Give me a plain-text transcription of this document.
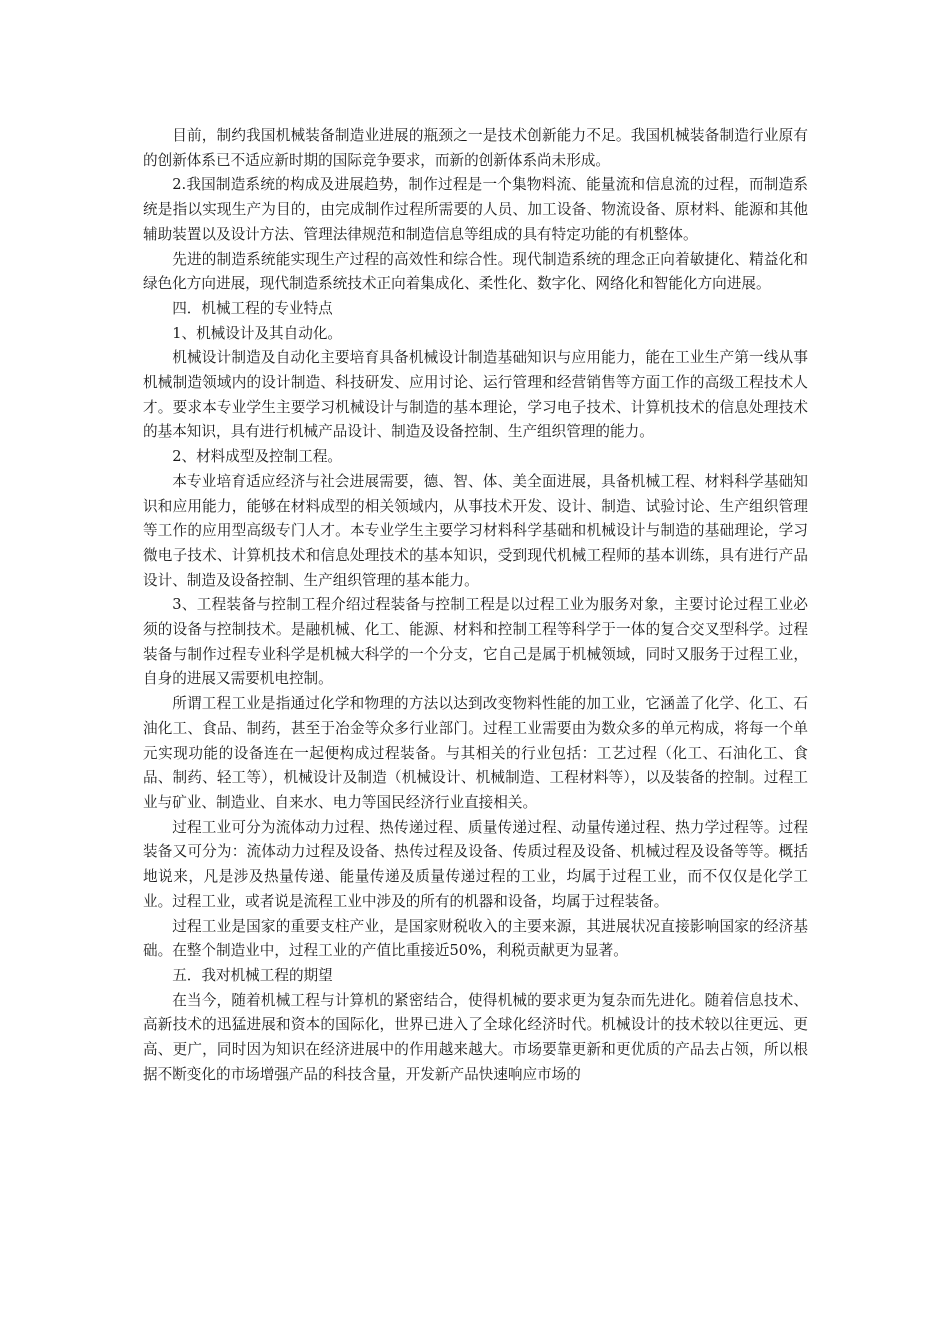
目前，制约我国机械装备制造业进展的瓶颈之一是技术创新能力不足。我国机械装备制造行业原有的创新体系已不适应新时期的国际竞争要求，而新的创新体系尚未形成。

2.我国制造系统的构成及进展趋势，制作过程是一个集物料流、能量流和信息流的过程，而制造系统是指以实现生产为目的，由完成制作过程所需要的人员、加工设备、物流设备、原材料、能源和其他辅助装置以及设计方法、管理法律规范和制造信息等组成的具有特定功能的有机整体。

先进的制造系统能实现生产过程的高效性和综合性。现代制造系统的理念正向着敏捷化、精益化和绿色化方向进展，现代制造系统技术正向着集成化、柔性化、数字化、网络化和智能化方向进展。

四．机械工程的专业特点

1、机械设计及其自动化。

机械设计制造及自动化主要培育具备机械设计制造基础知识与应用能力，能在工业生产第一线从事机械制造领域内的设计制造、科技研发、应用讨论、运行管理和经营销售等方面工作的高级工程技术人才。要求本专业学生主要学习机械设计与制造的基本理论，学习电子技术、计算机技术的信息处理技术的基本知识，具有进行机械产品设计、制造及设备控制、生产组织管理的能力。

2、材料成型及控制工程。

本专业培育适应经济与社会进展需要，德、智、体、美全面进展，具备机械工程、材料科学基础知识和应用能力，能够在材料成型的相关领域内，从事技术开发、设计、制造、试验讨论、生产组织管理等工作的应用型高级专门人才。本专业学生主要学习材料科学基础和机械设计与制造的基础理论，学习微电子技术、计算机技术和信息处理技术的基本知识，受到现代机械工程师的基本训练，具有进行产品设计、制造及设备控制、生产组织管理的基本能力。

3、工程装备与控制工程介绍过程装备与控制工程是以过程工业为服务对象，主要讨论过程工业必须的设备与控制技术。是融机械、化工、能源、材料和控制工程等科学于一体的复合交叉型科学。过程装备与制作过程专业科学是机械大科学的一个分支，它自己是属于机械领域，同时又服务于过程工业，自身的进展又需要机电控制。

所谓工程工业是指通过化学和物理的方法以达到改变物料性能的加工业，它涵盖了化学、化工、石油化工、食品、制药，甚至于冶金等众多行业部门。过程工业需要由为数众多的单元构成，将每一个单元实现功能的设备连在一起便构成过程装备。与其相关的行业包括：工艺过程（化工、石油化工、食品、制药、轻工等），机械设计及制造（机械设计、机械制造、工程材料等），以及装备的控制。过程工业与矿业、制造业、自来水、电力等国民经济行业直接相关。

过程工业可分为流体动力过程、热传递过程、质量传递过程、动量传递过程、热力学过程等。过程装备又可分为：流体动力过程及设备、热传过程及设备、传质过程及设备、机械过程及设备等等。概括地说来，凡是涉及热量传递、能量传递及质量传递过程的工业，均属于过程工业，而不仅仅是化学工业。过程工业，或者说是流程工业中涉及的所有的机器和设备，均属于过程装备。

过程工业是国家的重要支柱产业，是国家财税收入的主要来源，其进展状况直接影响国家的经济基础。在整个制造业中，过程工业的产值比重接近50%，利税贡献更为显著。

五．我对机械工程的期望

在当今，随着机械工程与计算机的紧密结合，使得机械的要求更为复杂而先进化。随着信息技术、高新技术的迅猛进展和资本的国际化，世界已进入了全球化经济时代。机械设计的技术较以往更远、更高、更广，同时因为知识在经济进展中的作用越来越大。市场要靠更新和更优质的产品去占领，所以根据不断变化的市场增强产品的科技含量，开发新产品快速响应市场的
